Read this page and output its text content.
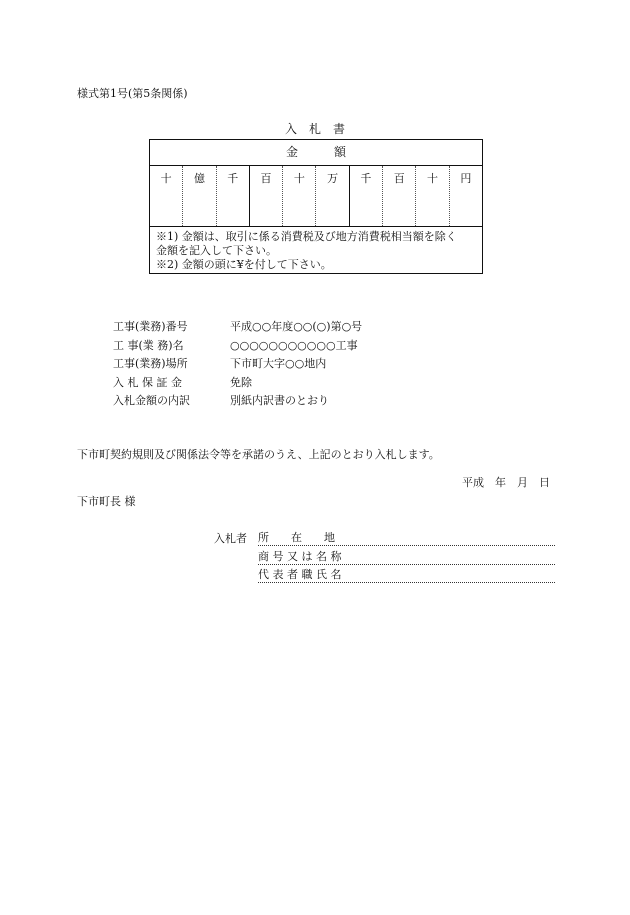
様式第1号(第5条関係)
入　札　書
金　　　額
十	億	千	百	十	万	千	百	十	円
※1) 金額は、取引に係る消費税及び地方消費税相当額を除く
金額を記入して下さい。
※2) 金額の頭に¥を付して下さい。
工事(業務)番号	平成○○年度○○(○)第○号
工 事(業 務)名	○○○○○○○○○○○工事
工事(業務)場所	下市町大字○○地内
入 札 保 証 金	免除
入札金額の内訳	別紙内訳書のとおり
下市町契約規則及び関係法令等を承諾のうえ、上記のとおり入札します。
平成　年　月　日
下市町長 様
入札者 所　　在　　地
商 号 又 は 名 称
代 表 者 職 氏 名
